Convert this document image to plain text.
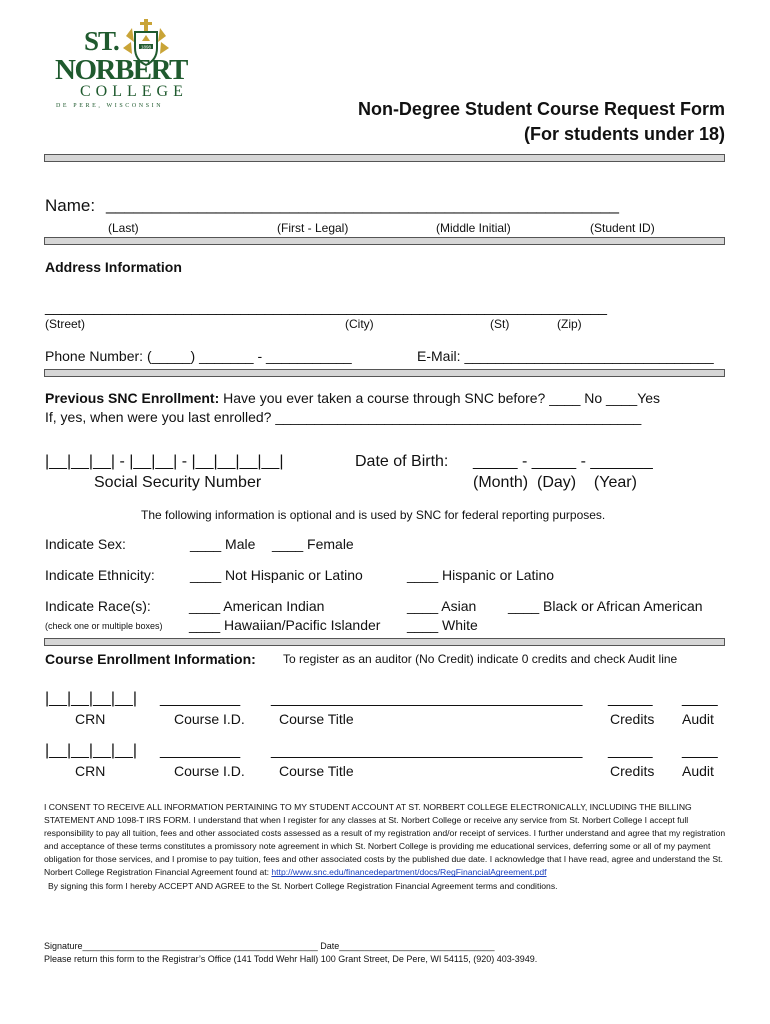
ST.	1898
NORBERT
COLLEGE
DE PERE, WISCONSIN	Non-Degree Student Course Request Form
(For students under 18)
Name: ________________________________________________________
(Last)	(First - Legal)	(Middle Initial)	(Student ID)
Address Information
_____________________________________________________________________
(Street)	(City)	(St)	(Zip)
Phone Number: (_____) _______ - ___________	E-Mail: ________________________________
Previous SNC Enrollment: Have you ever taken a course through SNC before? ____ No ____Yes
If, yes, when were you last enrolled? _______________________________________________
|__|__|__| - |__|__| - |__|__|__|__|
Social Security Number
Date of Birth: _____ - _____ - _______
(Month)  (Day)    (Year)
The following information is optional and is used by SNC for federal reporting purposes.
Indicate Sex:	____ Male ____ Female
Indicate Ethnicity:	____ Not Hispanic or Latino	____ Hispanic or Latino
Indicate Race(s):
(check one or multiple boxes)
____ American Indian	____ Asian ____ Black or African American
____ Hawaiian/Pacific Islander ____ White
Course Enrollment Information: To register as an auditor (No Credit) indicate 0 credits and check Audit line
|__|__|__|__| _________ ___________________________________ _____ ____
CRN	Course I.D. Course Title	Credits Audit
|__|__|__|__| _________ ___________________________________ _____ ____
CRN	Course I.D. Course Title	Credits Audit
I CONSENT TO RECEIVE ALL INFORMATION PERTAINING TO MY STUDENT ACCOUNT AT ST. NORBERT COLLEGE ELECTRONICALLY, INCLUDING THE BILLING STATEMENT AND 1098-T IRS FORM. I understand that when I register for any classes at St. Norbert College or receive any service from St. Norbert College I accept full responsibility to pay all tuition, fees and other associated costs assessed as a result of my registration and/or receipt of services. I further understand and agree that my registration and acceptance of these terms constitutes a promissory note agreement in which St. Norbert College is providing me educational services, deferring some or all of my payment obligation for those services, and I promise to pay tuition, fees and other associated costs by the published due date. I acknowledge that I have read, agree and understand the St. Norbert College Registration Financial Agreement found at: http://www.snc.edu/financedepartment/docs/RegFinancialAgreement.pdf
By signing this form I hereby ACCEPT AND AGREE to the St. Norbert College Registration Financial Agreement terms and conditions.
Signature_______________________________________________ Date_______________________________
Please return this form to the Registrar’s Office (141 Todd Wehr Hall) 100 Grant Street, De Pere, WI 54115, (920) 403-3949.
